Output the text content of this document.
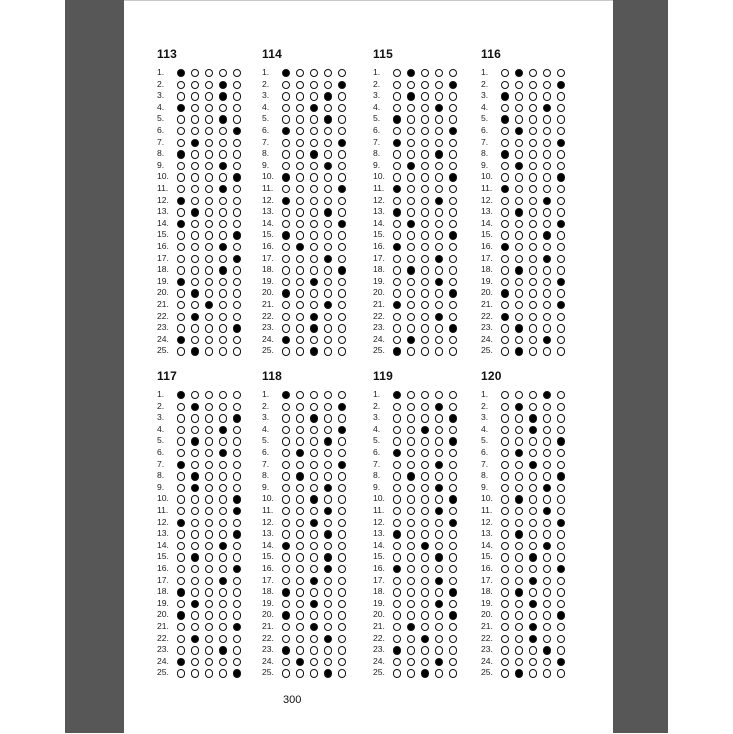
113
1.
2.
3.
4.
5.
6.
7.
8.
9.
10.
11.
12.
13.
14.
15.
16.
17.
18.
19.
20.
21.
22.
23.
24.
25.
114
1.
2.
3.
4.
5.
6.
7.
8.
9.
10.
11.
12.
13.
14.
15.
16.
17.
18.
19.
20.
21.
22.
23.
24.
25.
115
1.
2.
3.
4.
5.
6.
7.
8.
9.
10.
11.
12.
13.
14.
15.
16.
17.
18.
19.
20.
21.
22.
23.
24.
25.
116
1.
2.
3.
4.
5.
6.
7.
8.
9.
10.
11.
12.
13.
14.
15.
16.
17.
18.
19.
20.
21.
22.
23.
24.
25.
117
1.
2.
3.
4.
5.
6.
7.
8.
9.
10.
11.
12.
13.
14.
15.
16.
17.
18.
19.
20.
21.
22.
23.
24.
25.
118
1.
2.
3.
4.
5.
6.
7.
8.
9.
10.
11.
12.
13.
14.
15.
16.
17.
18.
19.
20.
21.
22.
23.
24.
25.
119
1.
2.
3.
4.
5.
6.
7.
8.
9.
10.
11.
12.
13.
14.
15.
16.
17.
18.
19.
20.
21.
22.
23.
24.
25.
120
1.
2.
3.
4.
5.
6.
7.
8.
9.
10.
11.
12.
13.
14.
15.
16.
17.
18.
19.
20.
21.
22.
23.
24.
25.
300
